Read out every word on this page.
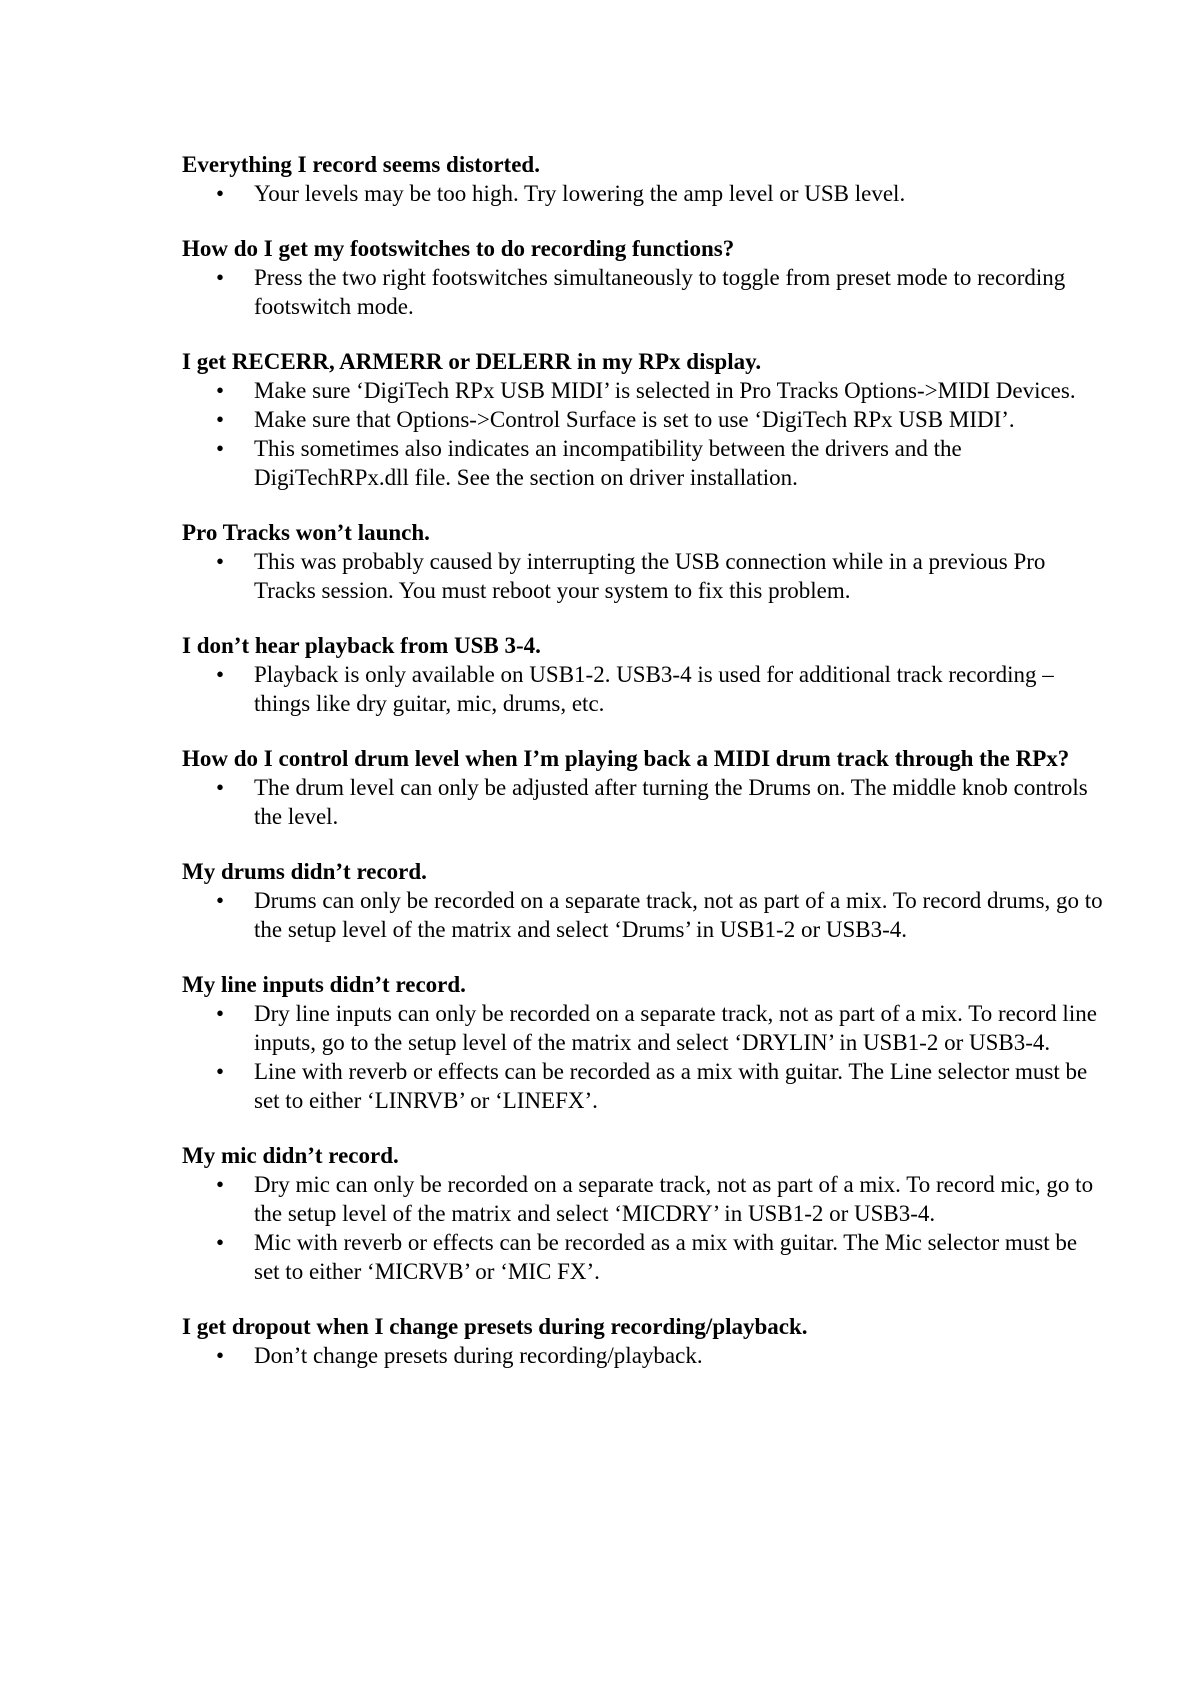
Everything I record seems distorted.

• Your levels may be too high. Try lowering the amp level or USB level.

How do I get my footswitches to do recording functions?

• Press the two right footswitches simultaneously to toggle from preset mode to recording footswitch mode.

I get RECERR, ARMERR or DELERR in my RPx display.

• Make sure ‘DigiTech RPx USB MIDI’ is selected in Pro Tracks Options->MIDI Devices.
• Make sure that Options->Control Surface is set to use ‘DigiTech RPx USB MIDI’.
• This sometimes also indicates an incompatibility between the drivers and the DigiTechRPx.dll file. See the section on driver installation.

Pro Tracks won’t launch.

• This was probably caused by interrupting the USB connection while in a previous Pro Tracks session. You must reboot your system to fix this problem.

I don’t hear playback from USB 3-4.

• Playback is only available on USB1-2. USB3-4 is used for additional track recording – things like dry guitar, mic, drums, etc.

How do I control drum level when I’m playing back a MIDI drum track through the RPx?

• The drum level can only be adjusted after turning the Drums on. The middle knob controls the level.

My drums didn’t record.

• Drums can only be recorded on a separate track, not as part of a mix. To record drums, go to the setup level of the matrix and select ‘Drums’ in USB1-2 or USB3-4.

My line inputs didn’t record.

• Dry line inputs can only be recorded on a separate track, not as part of a mix. To record line inputs, go to the setup level of the matrix and select ‘DRYLIN’ in USB1-2 or USB3-4.
• Line with reverb or effects can be recorded as a mix with guitar. The Line selector must be set to either ‘LINRVB’ or ‘LINEFX’.

My mic didn’t record.

• Dry mic can only be recorded on a separate track, not as part of a mix. To record mic, go to the setup level of the matrix and select ‘MICDRY’ in USB1-2 or USB3-4.
• Mic with reverb or effects can be recorded as a mix with guitar. The Mic selector must be set to either ‘MICRVB’ or ‘MIC FX’.

I get dropout when I change presets during recording/playback.

• Don’t change presets during recording/playback.
